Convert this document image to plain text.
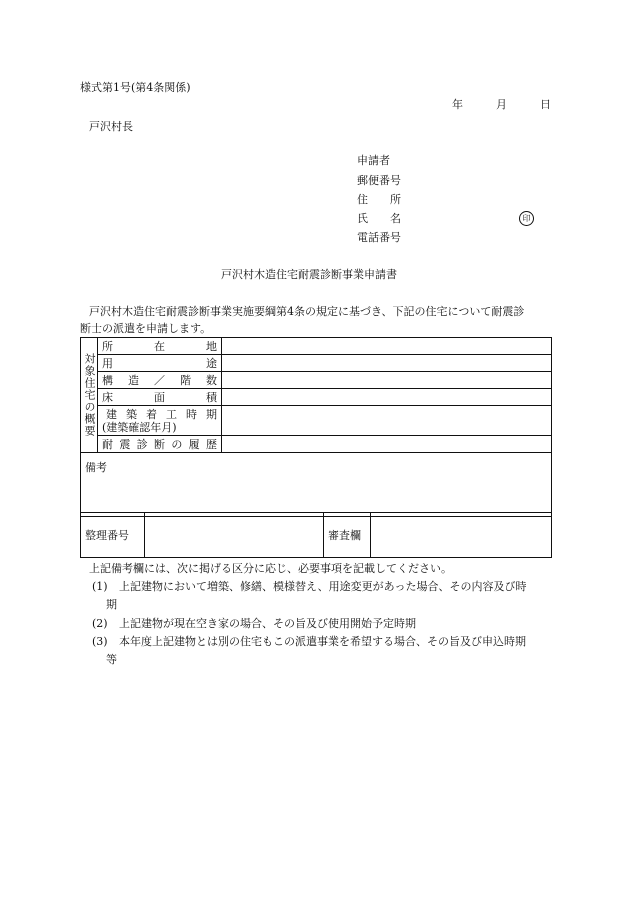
様式第1号(第4条関係)
年	月	日
戸沢村長
申請者
郵便番号
住　　所
氏　　名	印
電話番号
戸沢村木造住宅耐震診断事業申請書
戸沢村木造住宅耐震診断事業実施要綱第4条の規定に基づき、下記の住宅について耐震診
断士の派遣を申請します。
対象住宅の概要	所在地	
	用途	
	構造／階数	
	床面積	

	建築着工時期
(建築確認年月)	

	耐震診断の履歴	
備考		
整理番号		審査欄	
上記備考欄には、次に掲げる区分に応じ、必要事項を記載してください。
(1) 上記建物において増築、修繕、模様替え、用途変更があった場合、その内容及び時
期
(2) 上記建物が現在空き家の場合、その旨及び使用開始予定時期
(3) 本年度上記建物とは別の住宅もこの派遣事業を希望する場合、その旨及び申込時期
等
